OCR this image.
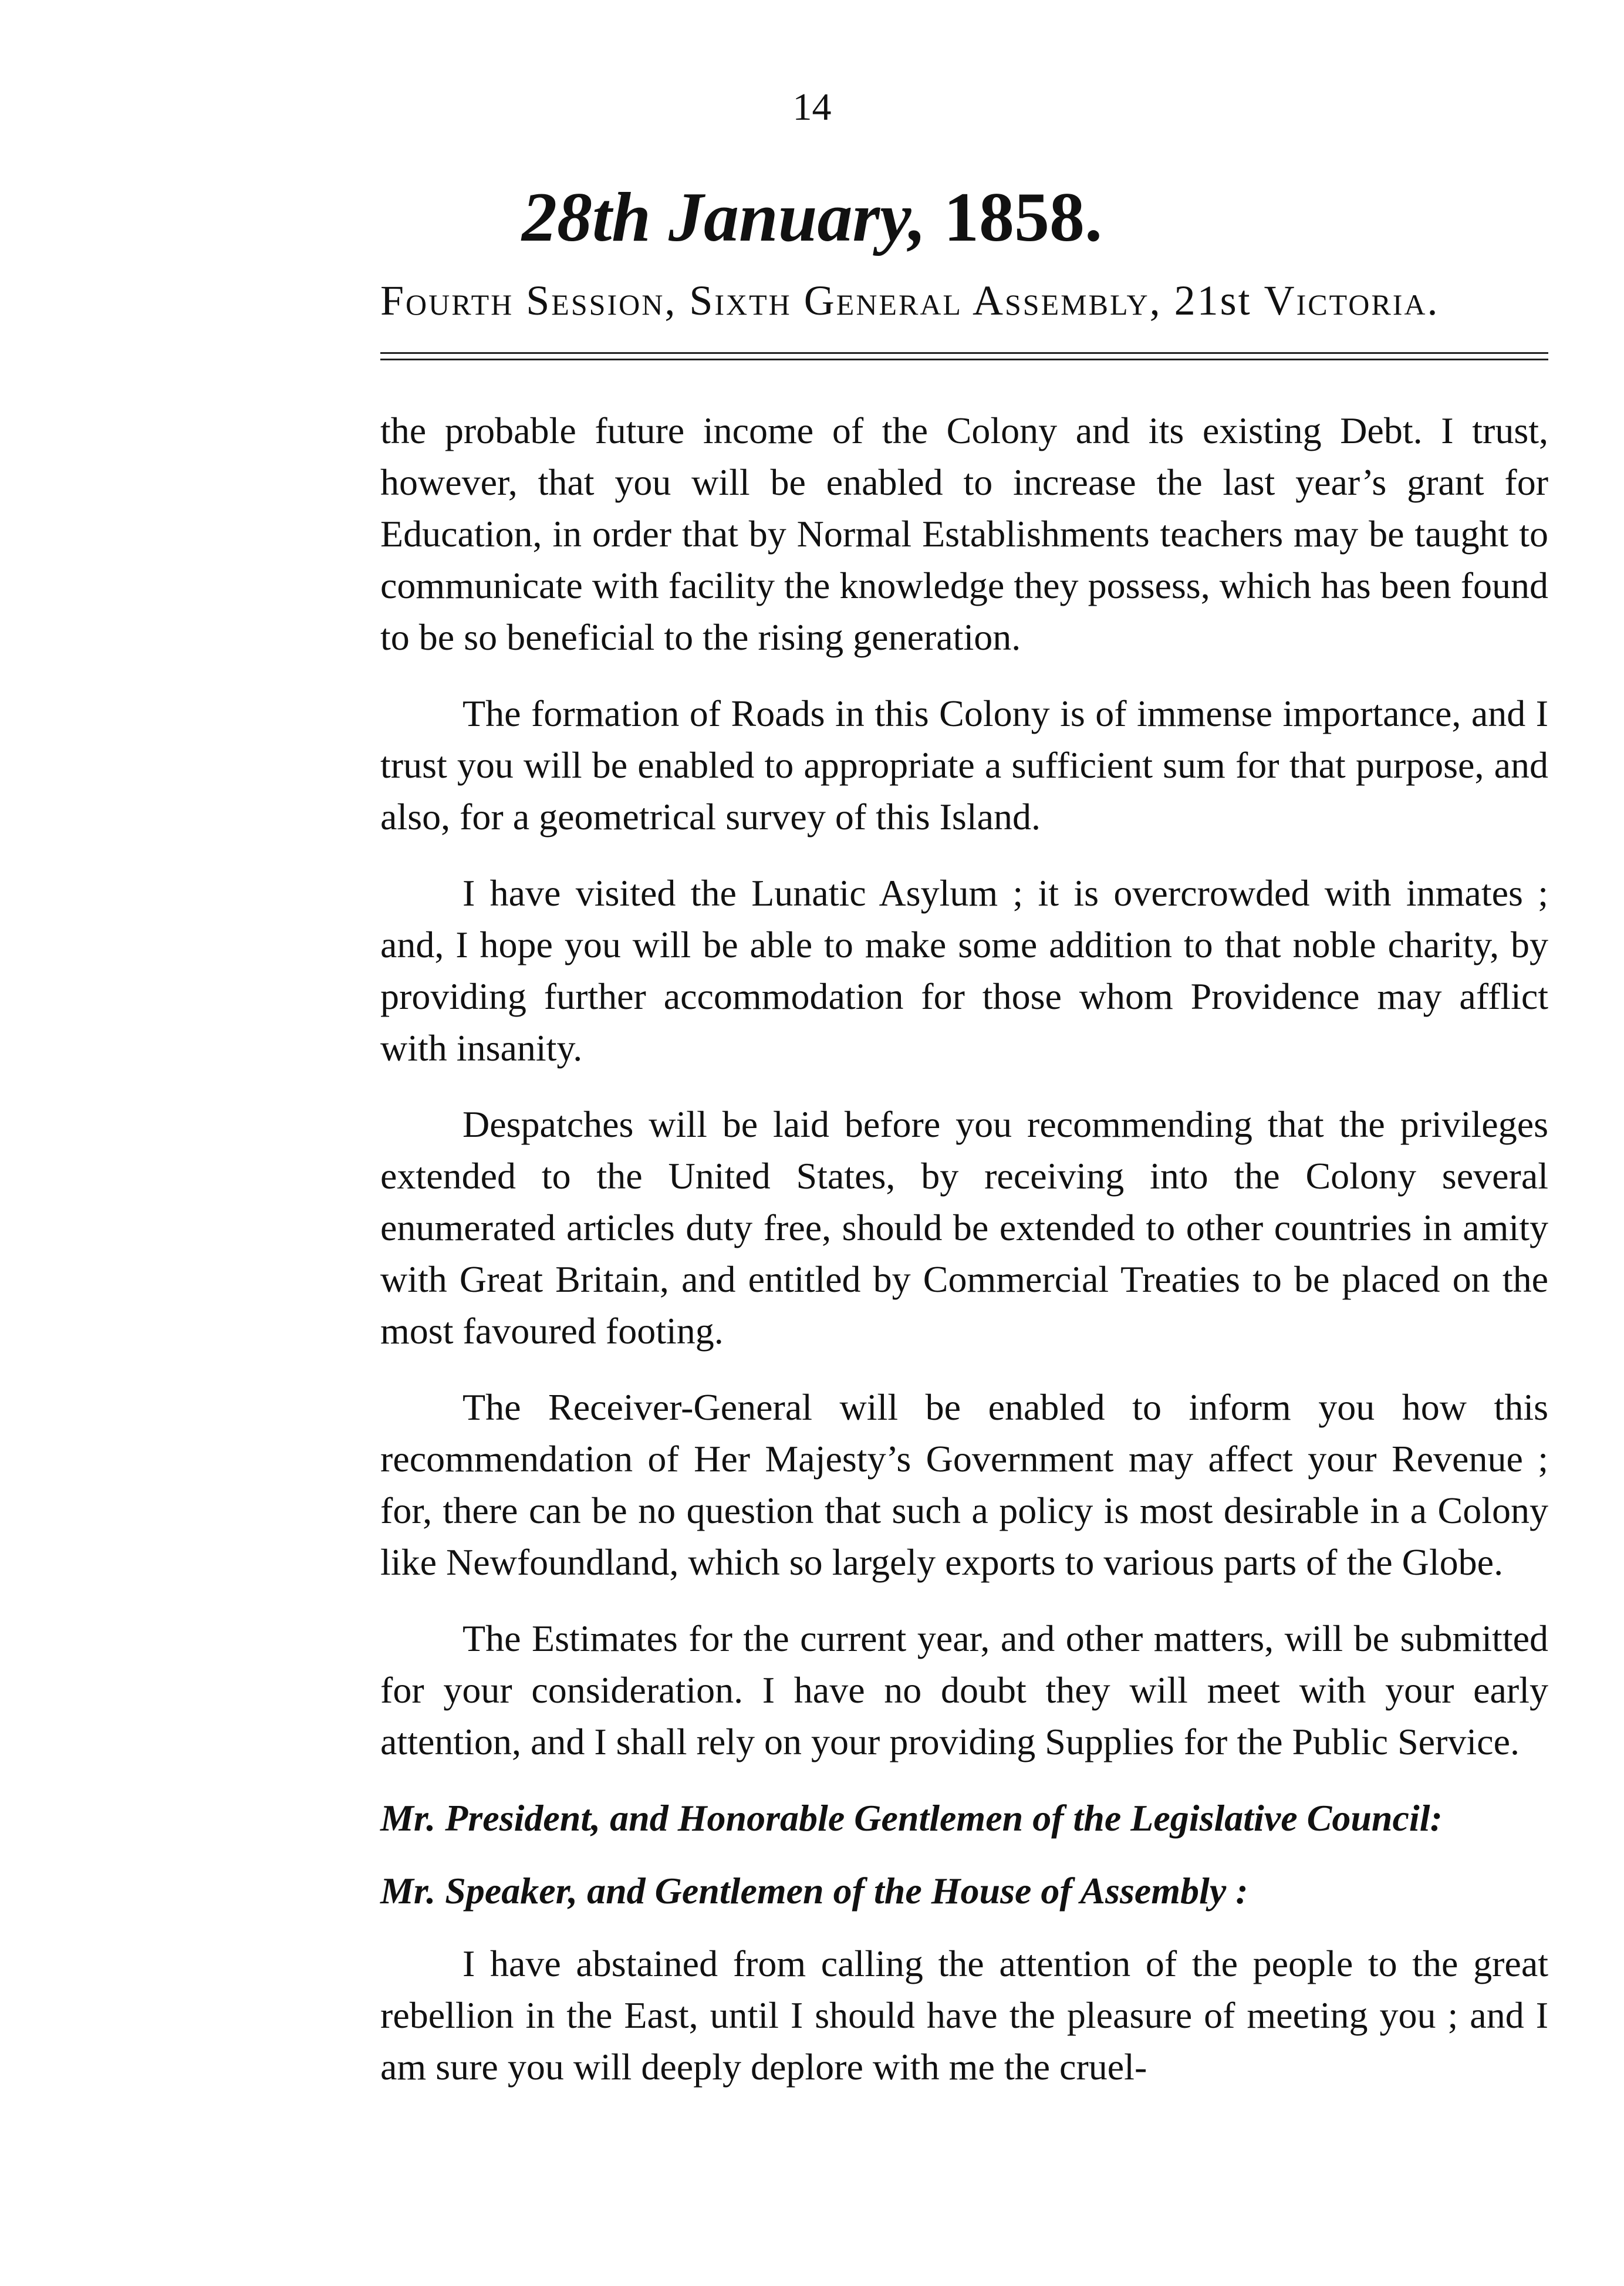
14
28th January, 1858.
Fourth Session, Sixth General Assembly, 21st Victoria.

the probable future income of the Colony and its existing Debt. I trust, however, that you will be enabled to increase the last year’s grant for Education, in order that by Normal Establishments teachers may be taught to communicate with facility the knowledge they possess, which has been found to be so beneficial to the rising generation.

The formation of Roads in this Colony is of immense importance, and I trust you will be enabled to appropriate a sufficient sum for that purpose, and also, for a geometrical survey of this Island.

I have visited the Lunatic Asylum ; it is overcrowded with inmates ; and, I hope you will be able to make some addition to that noble charity, by providing further accommodation for those whom Providence may afflict with insanity.

Despatches will be laid before you recommending that the privileges extended to the United States, by receiving into the Colony several enumerated articles duty free, should be extended to other countries in amity with Great Britain, and entitled by Commercial Treaties to be placed on the most favoured footing.

The Receiver-General will be enabled to inform you how this recommendation of Her Majesty’s Government may affect your Revenue ; for, there can be no question that such a policy is most desirable in a Colony like Newfoundland, which so largely exports to various parts of the Globe.

The Estimates for the current year, and other matters, will be submitted for your consideration. I have no doubt they will meet with your early attention, and I shall rely on your providing Supplies for the Public Service.

Mr. President, and Honorable Gentlemen of the Legislative Council:

Mr. Speaker, and Gentlemen of the House of Assembly :

I have abstained from calling the attention of the people to the great rebellion in the East, until I should have the pleasure of meeting you ; and I am sure you will deeply deplore with me the cruel-
